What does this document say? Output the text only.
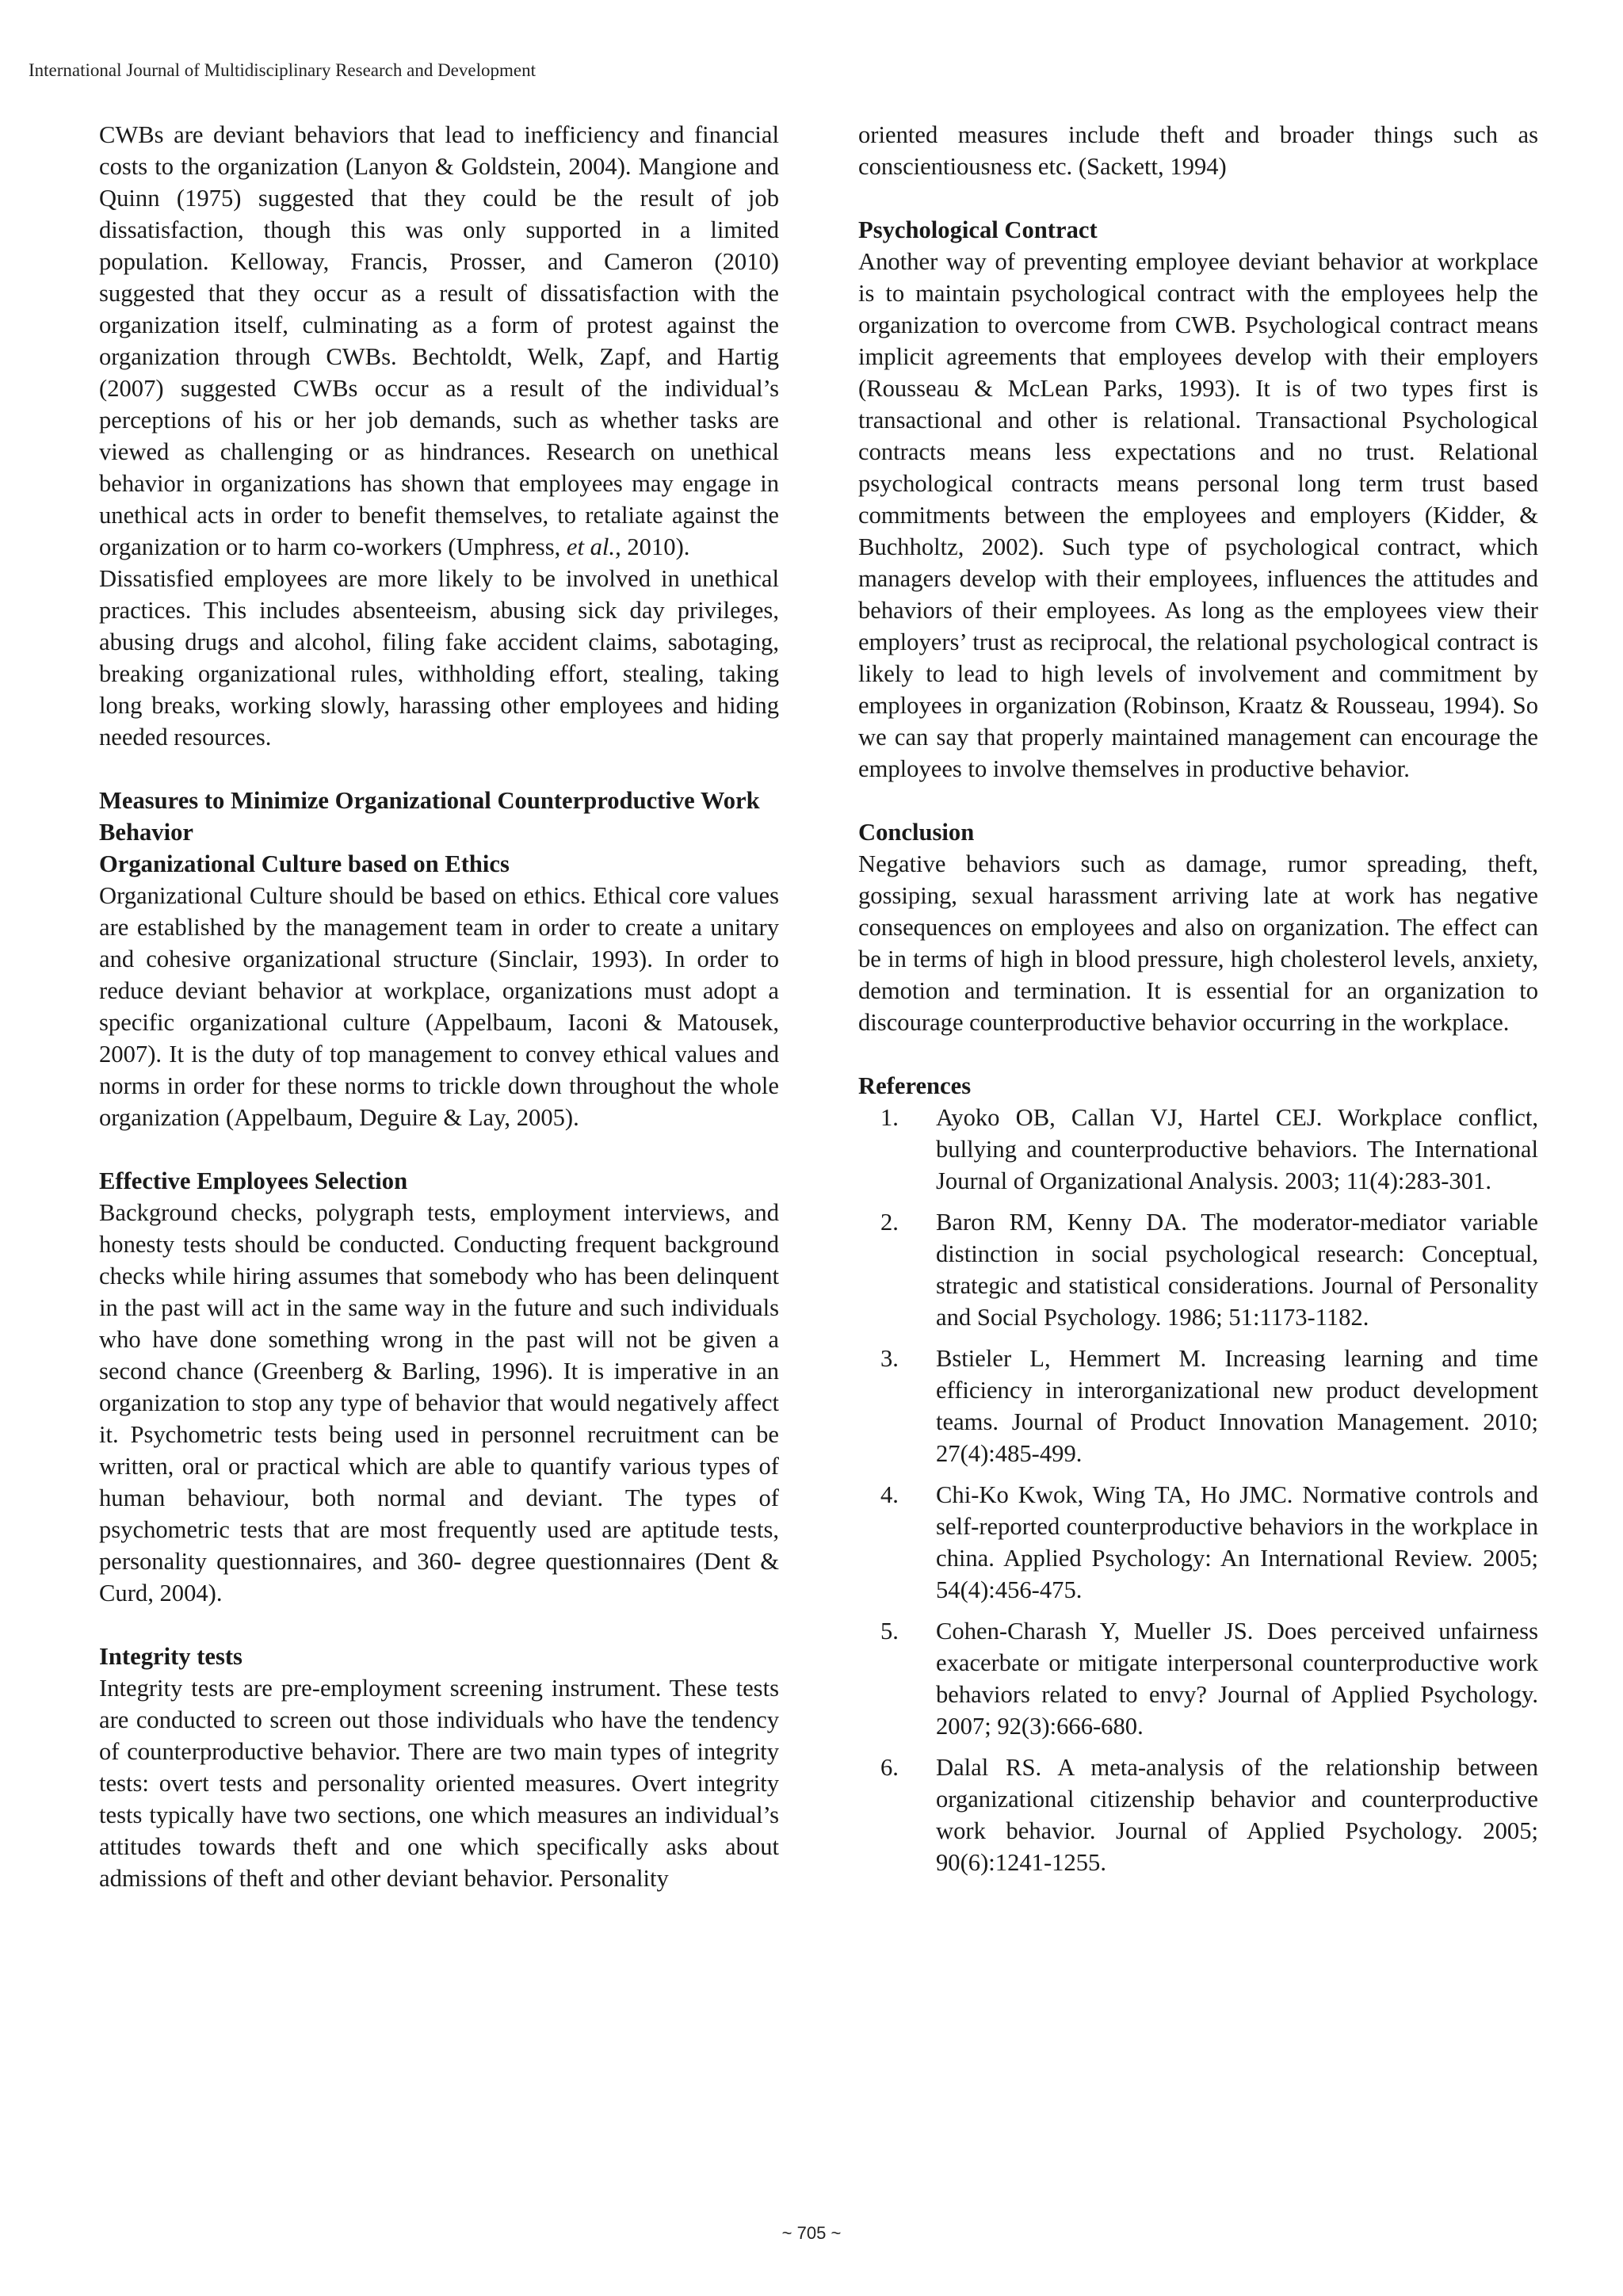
International Journal of Multidisciplinary Research and Development

CWBs are deviant behaviors that lead to inefficiency and financial costs to the organization (Lanyon & Goldstein, 2004). Mangione and Quinn (1975) suggested that they could be the result of job dissatisfaction, though this was only supported in a limited population. Kelloway, Francis, Prosser, and Cameron (2010) suggested that they occur as a result of dissatisfaction with the organization itself, culminating as a form of protest against the organization through CWBs. Bechtoldt, Welk, Zapf, and Hartig (2007) suggested CWBs occur as a result of the individual’s perceptions of his or her job demands, such as whether tasks are viewed as challenging or as hindrances. Research on unethical behavior in organizations has shown that employees may engage in unethical acts in order to benefit themselves, to retaliate against the organization or to harm co-workers (Umphress, et al., 2010).

Dissatisfied employees are more likely to be involved in unethical practices. This includes absenteeism, abusing sick day privileges, abusing drugs and alcohol, filing fake accident claims, sabotaging, breaking organizational rules, withholding effort, stealing, taking long breaks, working slowly, harassing other employees and hiding needed resources.

Measures to Minimize Organizational Counterproductive Work Behavior
Organizational Culture based on Ethics

Organizational Culture should be based on ethics. Ethical core values are established by the management team in order to create a unitary and cohesive organizational structure (Sinclair, 1993). In order to reduce deviant behavior at workplace, organizations must adopt a specific organizational culture (Appelbaum, Iaconi & Matousek, 2007). It is the duty of top management to convey ethical values and norms in order for these norms to trickle down throughout the whole organization (Appelbaum, Deguire & Lay, 2005).

Effective Employees Selection

Background checks, polygraph tests, employment interviews, and honesty tests should be conducted. Conducting frequent background checks while hiring assumes that somebody who has been delinquent in the past will act in the same way in the future and such individuals who have done something wrong in the past will not be given a second chance (Greenberg & Barling, 1996). It is imperative in an organization to stop any type of behavior that would negatively affect it. Psychometric tests being used in personnel recruitment can be written, oral or practical which are able to quantify various types of human behaviour, both normal and deviant. The types of psychometric tests that are most frequently used are aptitude tests, personality questionnaires, and 360- degree questionnaires (Dent & Curd, 2004).

Integrity tests

Integrity tests are pre-employment screening instrument. These tests are conducted to screen out those individuals who have the tendency of counterproductive behavior. There are two main types of integrity tests: overt tests and personality oriented measures. Overt integrity tests typically have two sections, one which measures an individual’s attitudes towards theft and one which specifically asks about admissions of theft and other deviant behavior. Personality

oriented measures include theft and broader things such as conscientiousness etc. (Sackett, 1994)

Psychological Contract

Another way of preventing employee deviant behavior at workplace is to maintain psychological contract with the employees help the organization to overcome from CWB. Psychological contract means implicit agreements that employees develop with their employers (Rousseau & McLean Parks, 1993). It is of two types first is transactional and other is relational. Transactional Psychological contracts means less expectations and no trust. Relational psychological contracts means personal long term trust based commitments between the employees and employers (Kidder, & Buchholtz, 2002). Such type of psychological contract, which managers develop with their employees, influences the attitudes and behaviors of their employees. As long as the employees view their employers’ trust as reciprocal, the relational psychological contract is likely to lead to high levels of involvement and commitment by employees in organization (Robinson, Kraatz & Rousseau, 1994). So we can say that properly maintained management can encourage the employees to involve themselves in productive behavior.

Conclusion

Negative behaviors such as damage, rumor spreading, theft, gossiping, sexual harassment arriving late at work has negative consequences on employees and also on organization. The effect can be in terms of high in blood pressure, high cholesterol levels, anxiety, demotion and termination. It is essential for an organization to discourage counterproductive behavior occurring in the workplace.

References
1. Ayoko OB, Callan VJ, Hartel CEJ. Workplace conflict, bullying and counterproductive behaviors. The International Journal of Organizational Analysis. 2003; 11(4):283-301.
2. Baron RM, Kenny DA. The moderator-mediator variable distinction in social psychological research: Conceptual, strategic and statistical considerations. Journal of Personality and Social Psychology. 1986; 51:1173-1182.
3. Bstieler L, Hemmert M. Increasing learning and time efficiency in interorganizational new product development teams. Journal of Product Innovation Management. 2010; 27(4):485-499.
4. Chi-Ko Kwok, Wing TA, Ho JMC. Normative controls and self-reported counterproductive behaviors in the workplace in china. Applied Psychology: An International Review. 2005; 54(4):456-475.
5. Cohen-Charash Y, Mueller JS. Does perceived unfairness exacerbate or mitigate interpersonal counterproductive work behaviors related to envy? Journal of Applied Psychology. 2007; 92(3):666-680.
6. Dalal RS. A meta-analysis of the relationship between organizational citizenship behavior and counterproductive work behavior. Journal of Applied Psychology. 2005; 90(6):1241-1255.
~ 705 ~
